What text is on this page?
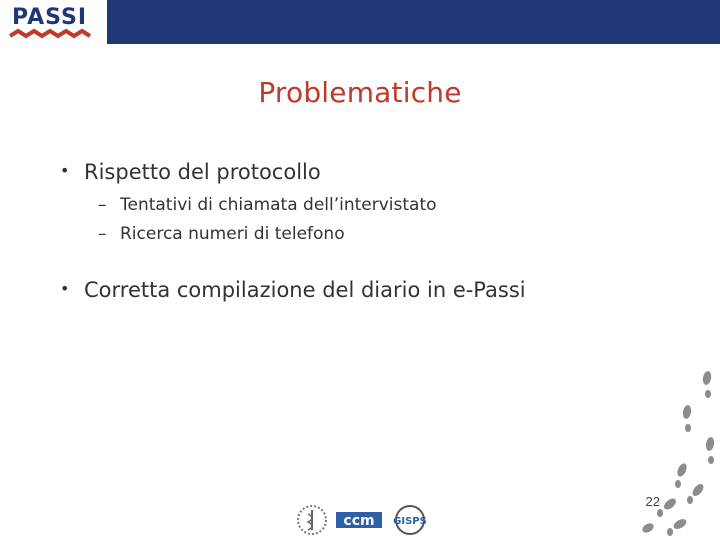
PASSI
Problematiche
• Rispetto del protocollo
– Tentativi di chiamata dell’intervistato
– Ricerca numeri di telefono
• Corretta compilazione del diario in e-Passi
22
ccm GISPS
